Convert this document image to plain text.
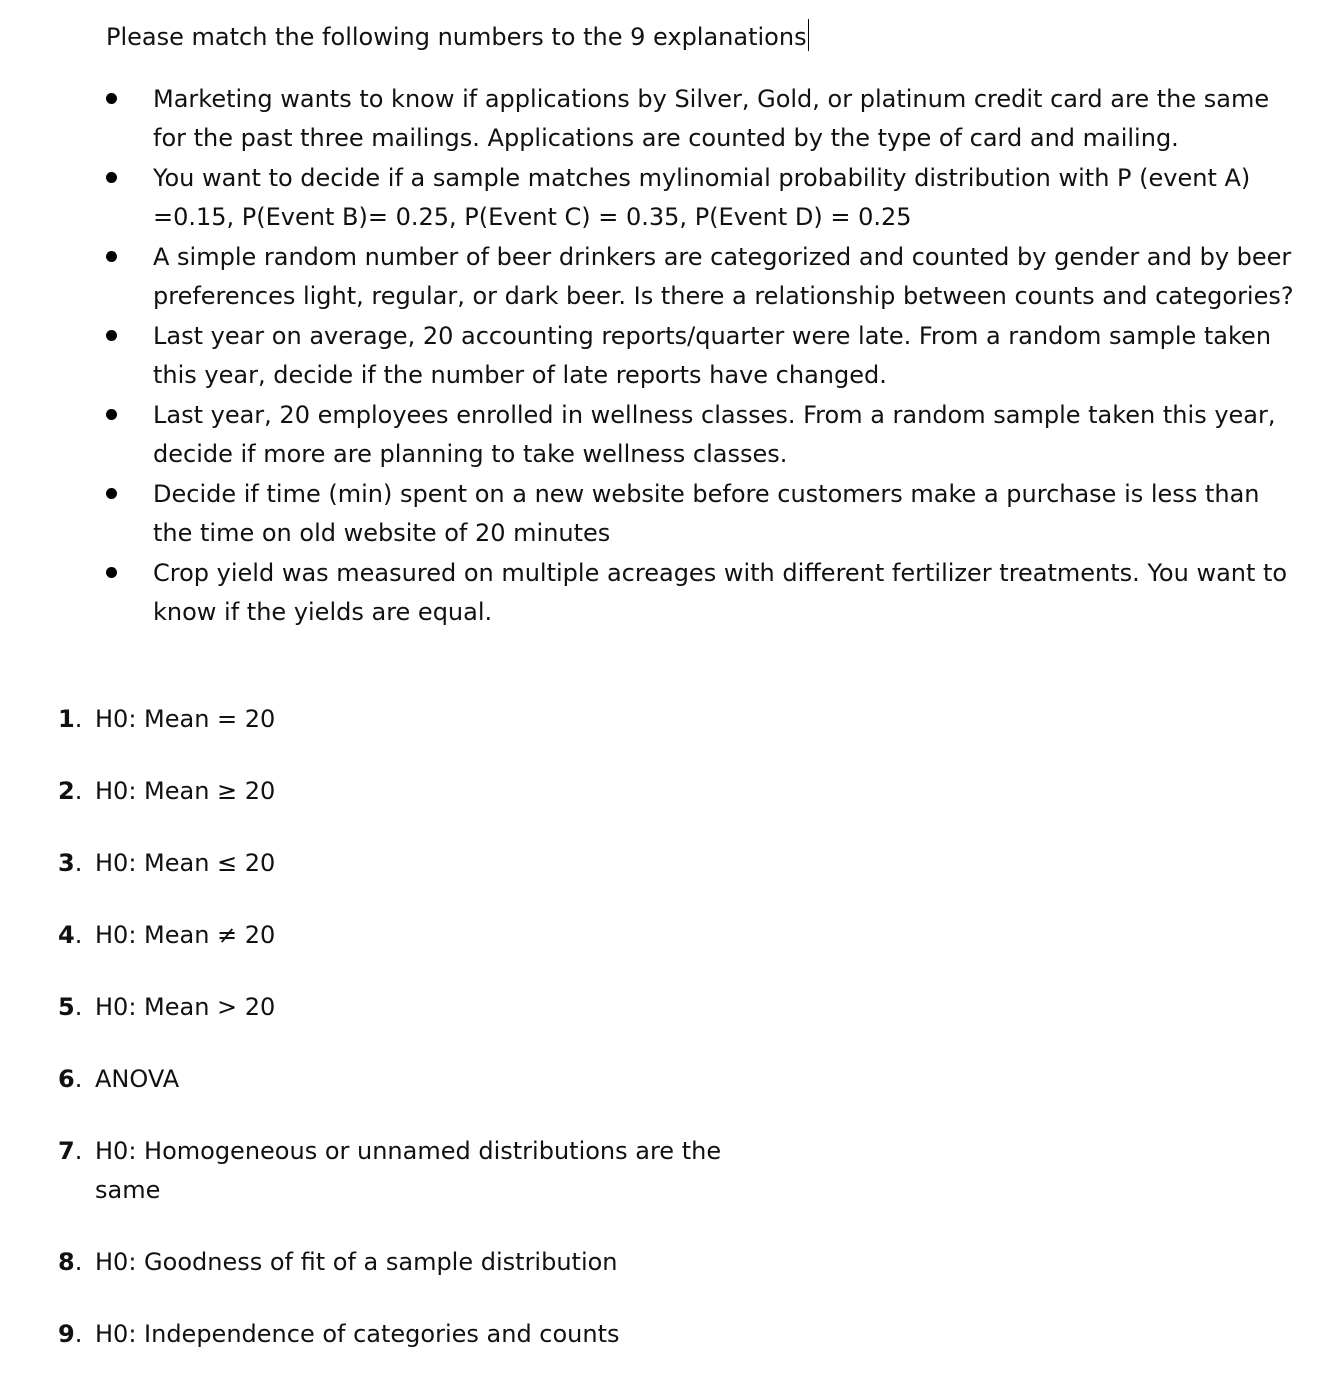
Please match the following numbers to the 9 explanations
Marketing wants to know if applications by Silver, Gold, or platinum credit card are the same for the past three mailings. Applications are counted by the type of card and mailing.
You want to decide if a sample matches mylinomial probability distribution with P (event A) =0.15, P(Event B)= 0.25, P(Event C) = 0.35, P(Event D) = 0.25
A simple random number of beer drinkers are categorized and counted by gender and by beer preferences light, regular, or dark beer. Is there a relationship between counts and categories?
Last year on average, 20 accounting reports/quarter were late. From a random sample taken this year, decide if the number of late reports have changed.
Last year, 20 employees enrolled in wellness classes. From a random sample taken this year, decide if more are planning to take wellness classes.
Decide if time (min) spent on a new website before customers make a purchase is less than the time on old website of 20 minutes
Crop yield was measured on multiple acreages with different fertilizer treatments. You want to know if the yields are equal.
1. H0: Mean = 20
2. H0: Mean ≥ 20
3. H0: Mean ≤ 20
4. H0: Mean ≠ 20
5. H0: Mean > 20
6. ANOVA
7. H0: Homogeneous or unnamed distributions are the same
8. H0: Goodness of fit of a sample distribution
9. H0: Independence of categories and counts
